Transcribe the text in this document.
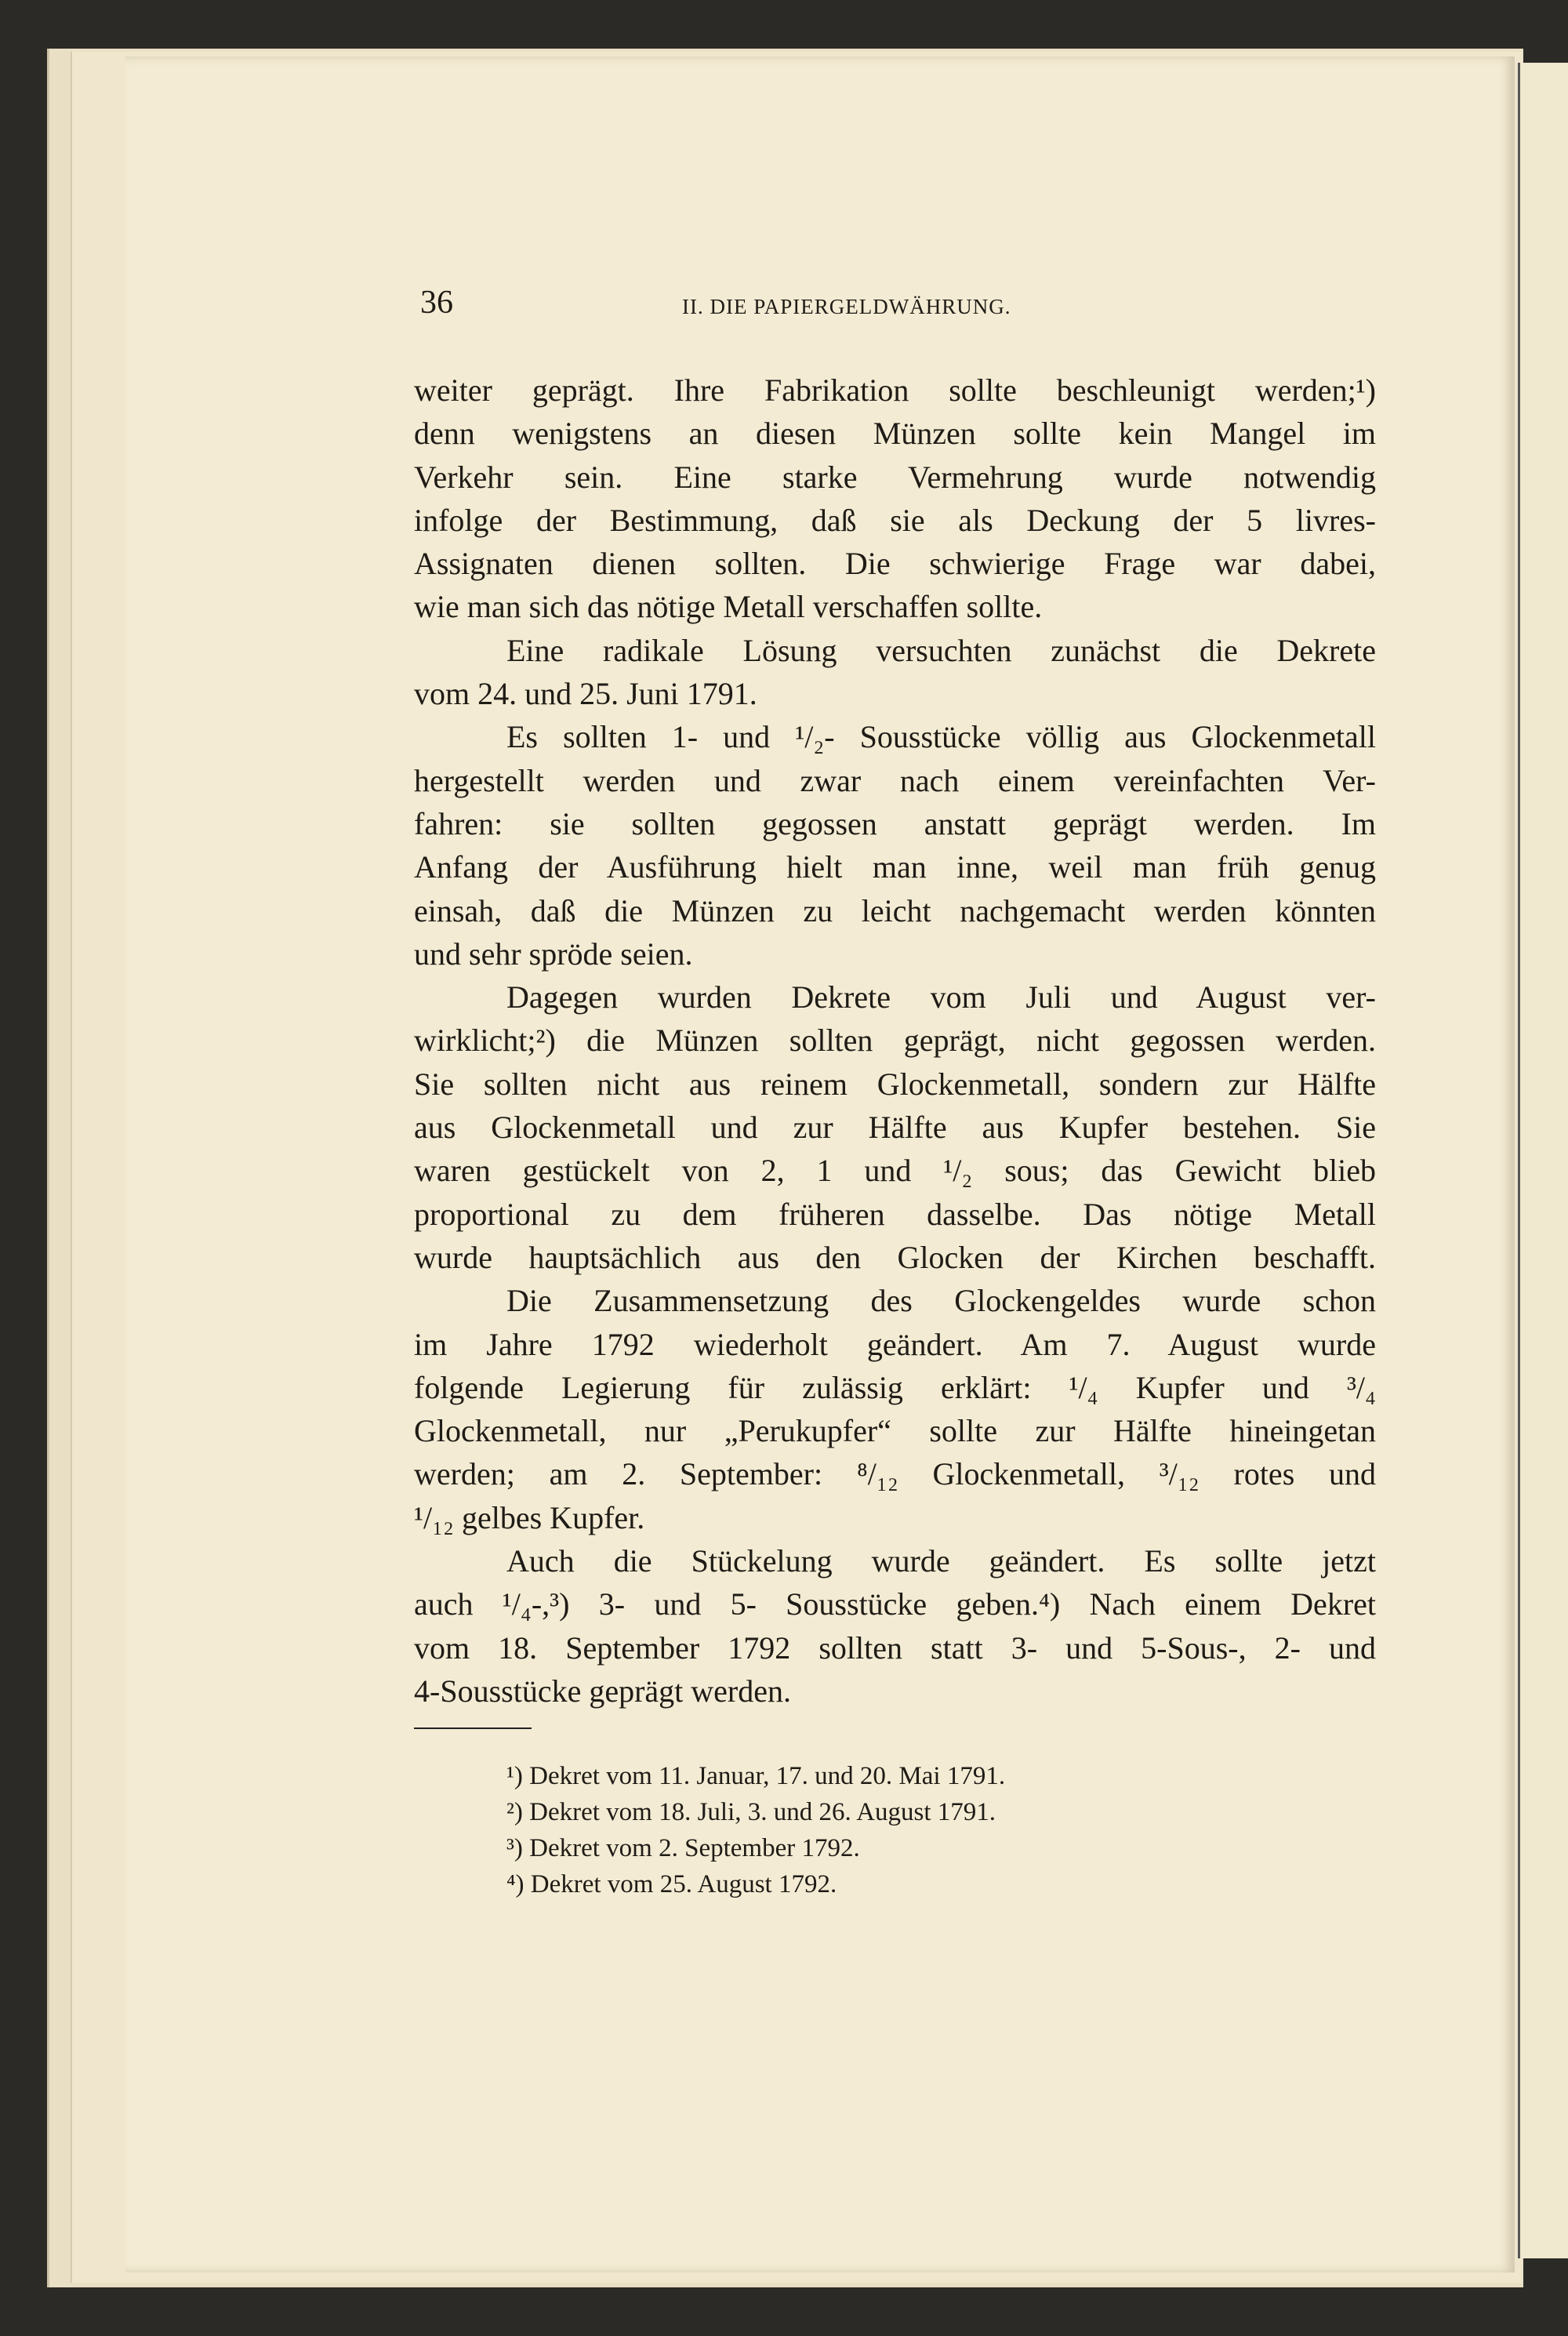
36	II. DIE PAPIERGELDWÄHRUNG.
weiter geprägt. Ihre Fabrikation sollte beschleunigt werden;¹)
denn wenigstens an diesen Münzen sollte kein Mangel im
Verkehr sein. Eine starke Vermehrung wurde notwendig
infolge der Bestimmung, daß sie als Deckung der 5 livres-
Assignaten dienen sollten. Die schwierige Frage war dabei,
wie man sich das nötige Metall verschaffen sollte.
Eine radikale Lösung versuchten zunächst die Dekrete
vom 24. und 25. Juni 1791.
Es sollten 1- und ¹/₂- Sousstücke völlig aus Glockenmetall
hergestellt werden und zwar nach einem vereinfachten Ver-
fahren: sie sollten gegossen anstatt geprägt werden. Im
Anfang der Ausführung hielt man inne, weil man früh genug
einsah, daß die Münzen zu leicht nachgemacht werden könnten
und sehr spröde seien.
Dagegen wurden Dekrete vom Juli und August ver-
wirklicht;²) die Münzen sollten geprägt, nicht gegossen werden.
Sie sollten nicht aus reinem Glockenmetall, sondern zur Hälfte
aus Glockenmetall und zur Hälfte aus Kupfer bestehen. Sie
waren gestückelt von 2, 1 und ¹/₂ sous; das Gewicht blieb
proportional zu dem früheren dasselbe. Das nötige Metall
wurde hauptsächlich aus den Glocken der Kirchen beschafft.
Die Zusammensetzung des Glockengeldes wurde schon
im Jahre 1792 wiederholt geändert. Am 7. August wurde
folgende Legierung für zulässig erklärt: ¹/₄ Kupfer und ³/₄
Glockenmetall, nur „Perukupfer“ sollte zur Hälfte hineingetan
werden; am 2. September: ⁸/₁₂ Glockenmetall, ³/₁₂ rotes und
¹/₁₂ gelbes Kupfer.
Auch die Stückelung wurde geändert. Es sollte jetzt
auch ¹/₄-,³) 3- und 5- Sousstücke geben.⁴) Nach einem Dekret
vom 18. September 1792 sollten statt 3- und 5-Sous-, 2- und
4-Sousstücke geprägt werden.
¹) Dekret vom 11. Januar, 17. und 20. Mai 1791.
²) Dekret vom 18. Juli, 3. und 26. August 1791.
³) Dekret vom 2. September 1792.
⁴) Dekret vom 25. August 1792.
